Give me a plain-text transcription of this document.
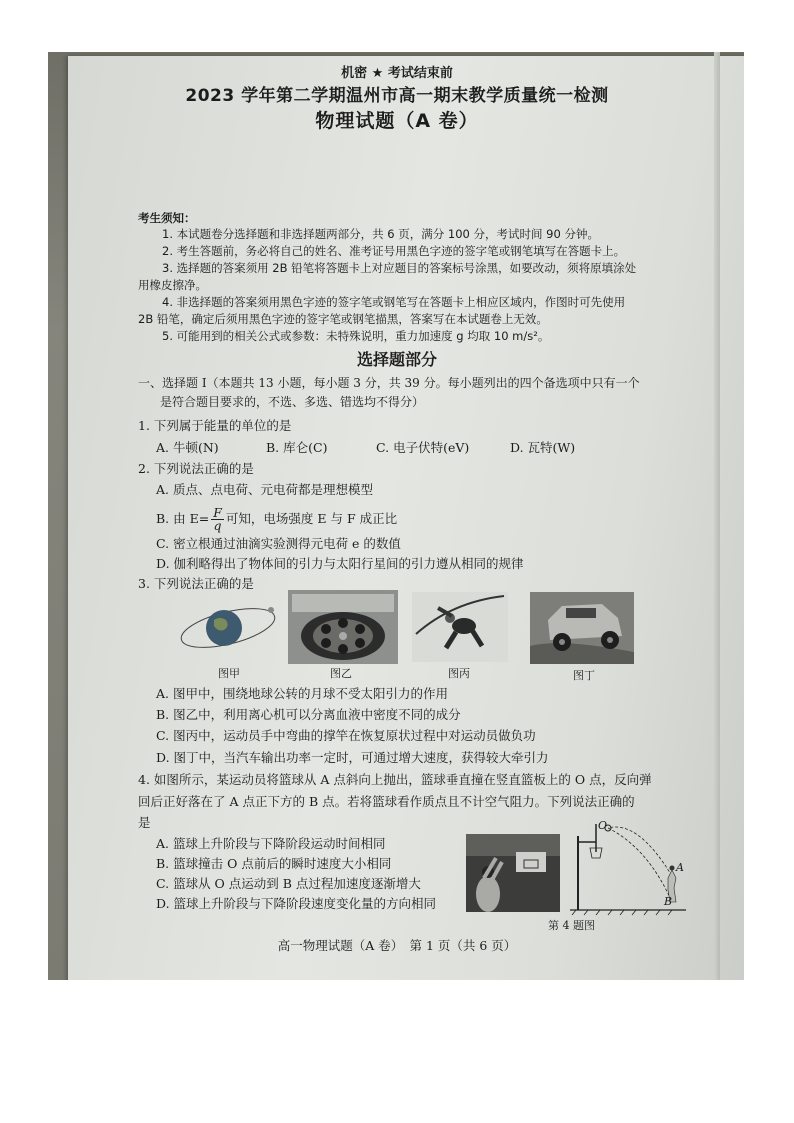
机密 ★ 考试结束前
2023 学年第二学期温州市高一期末教学质量统一检测
物理试题（A 卷）
考生须知：
1. 本试题卷分选择题和非选择题两部分，共 6 页，满分 100 分，考试时间 90 分钟。
2. 考生答题前，务必将自己的姓名、准考证号用黑色字迹的签字笔或钢笔填写在答题卡上。
3. 选择题的答案须用 2B 铅笔将答题卡上对应题目的答案标号涂黑，如要改动，须将原填涂处
用橡皮擦净。
4. 非选择题的答案须用黑色字迹的签字笔或钢笔写在答题卡上相应区域内，作图时可先使用
2B 铅笔，确定后须用黑色字迹的签字笔或钢笔描黑，答案写在本试题卷上无效。
5. 可能用到的相关公式或参数：未特殊说明，重力加速度 g 均取 10 m/s²。
选择题部分
一、选择题 I（本题共 13 小题，每小题 3 分，共 39 分。每小题列出的四个备选项中只有一个
是符合题目要求的，不选、多选、错选均不得分）
1. 下列属于能量的单位的是
A. 牛顿(N)	B. 库仑(C)	C. 电子伏特(eV)	D. 瓦特(W)
2. 下列说法正确的是
A. 质点、点电荷、元电荷都是理想模型
B. 由 $E= \frac{F}{q}$ 可知，电场强度 E 与 F 成正比
C. 密立根通过油滴实验测得元电荷 e 的数值
D. 伽利略得出了物体间的引力与太阳行星间的引力遵从相同的规律
3. 下列说法正确的是
图甲	图乙	图丙	图丁
A. 图甲中，围绕地球公转的月球不受太阳引力的作用
B. 图乙中，利用离心机可以分离血液中密度不同的成分
C. 图丙中，运动员手中弯曲的撑竿在恢复原状过程中对运动员做负功
D. 图丁中，当汽车输出功率一定时，可通过增大速度，获得较大牵引力
4. 如图所示，某运动员将篮球从 A 点斜向上抛出，篮球垂直撞在竖直篮板上的 O 点，反向弹
回后正好落在了 A 点正下方的 B 点。若将篮球看作质点且不计空气阻力。下列说法正确的
是
A. 篮球上升阶段与下降阶段运动时间相同
B. 篮球撞击 O 点前后的瞬时速度大小相同
C. 篮球从 O 点运动到 B 点过程加速度逐渐增大
D. 篮球上升阶段与下降阶段速度变化量的方向相同
O
A
B
第 4 题图
高一物理试题（A 卷）　第 1 页（共 6 页）
